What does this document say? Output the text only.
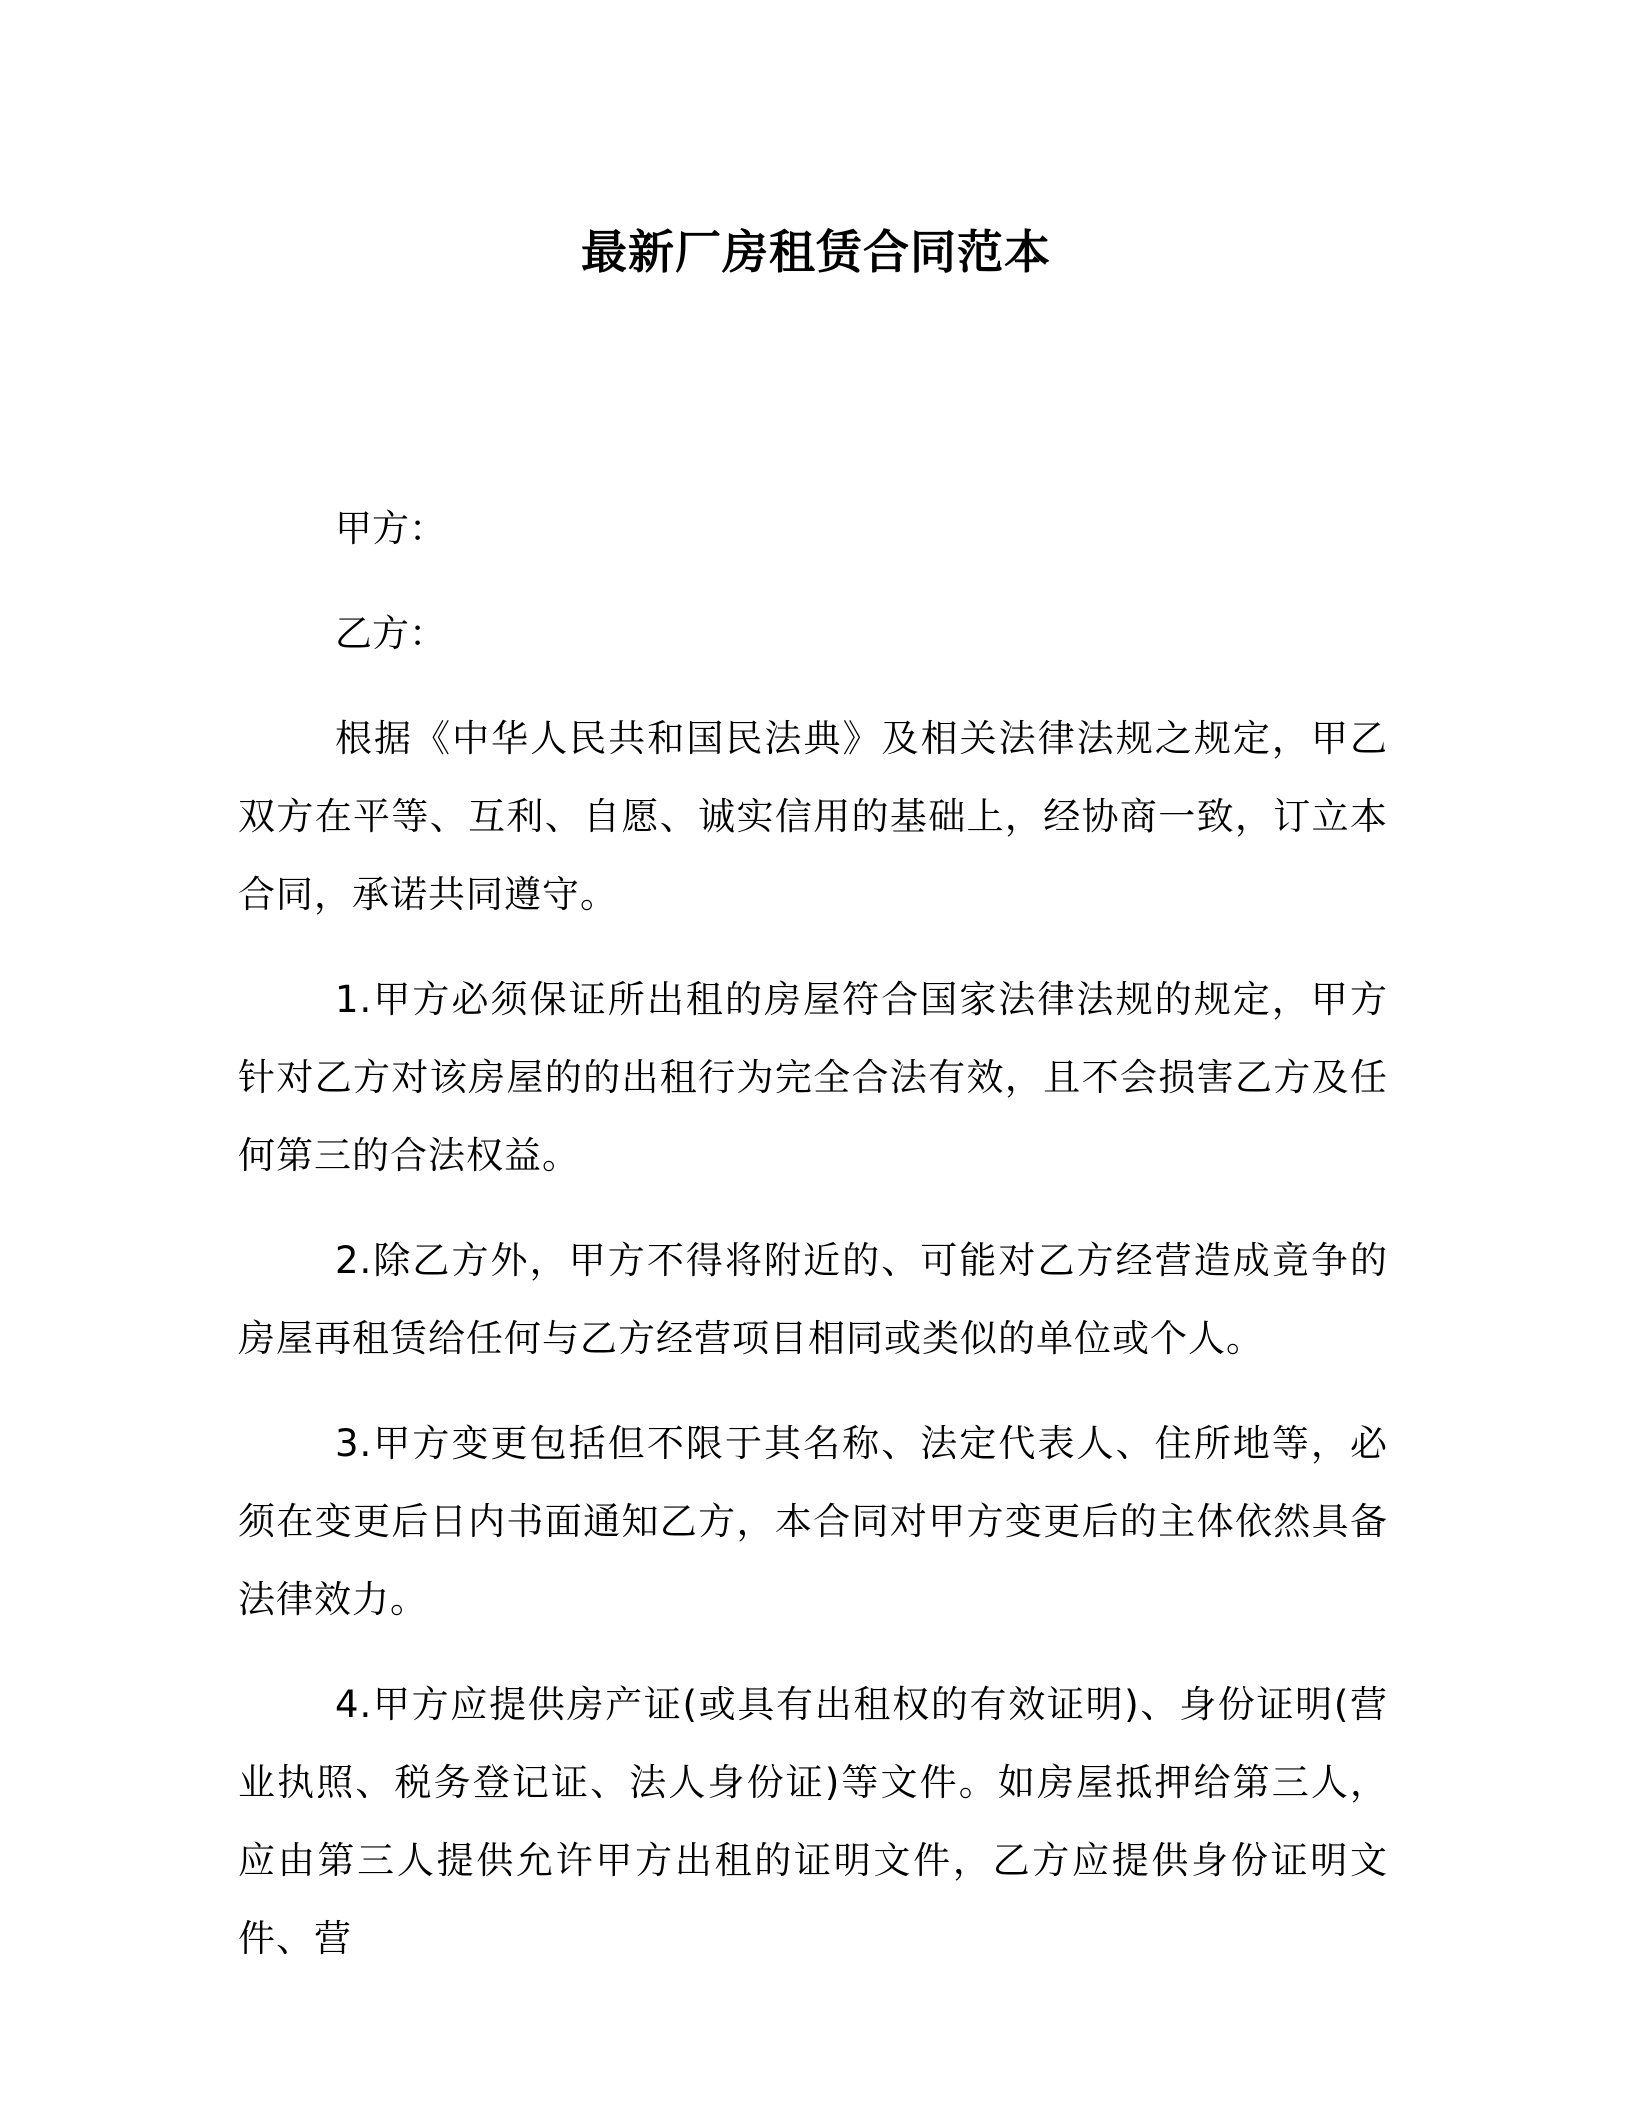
最新厂房租赁合同范本

甲方：

乙方：

根据《中华人民共和国民法典》及相关法律法规之规定，甲乙双方在平等、互利、自愿、诚实信用的基础上，经协商一致，订立本合同，承诺共同遵守。

1.甲方必须保证所出租的房屋符合国家法律法规的规定，甲方针对乙方对该房屋的的出租行为完全合法有效，且不会损害乙方及任何第三的合法权益。

2.除乙方外，甲方不得将附近的、可能对乙方经营造成竟争的房屋再租赁给任何与乙方经营项目相同或类似的单位或个人。

3.甲方变更包括但不限于其名称、法定代表人、住所地等，必须在变更后日内书面通知乙方，本合同对甲方变更后的主体依然具备法律效力。

4.甲方应提供房产证(或具有出租权的有效证明)、身份证明(营业执照、税务登记证、法人身份证)等文件。如房屋抵押给第三人，应由第三人提供允许甲方出租的证明文件，乙方应提供身份证明文件、营
